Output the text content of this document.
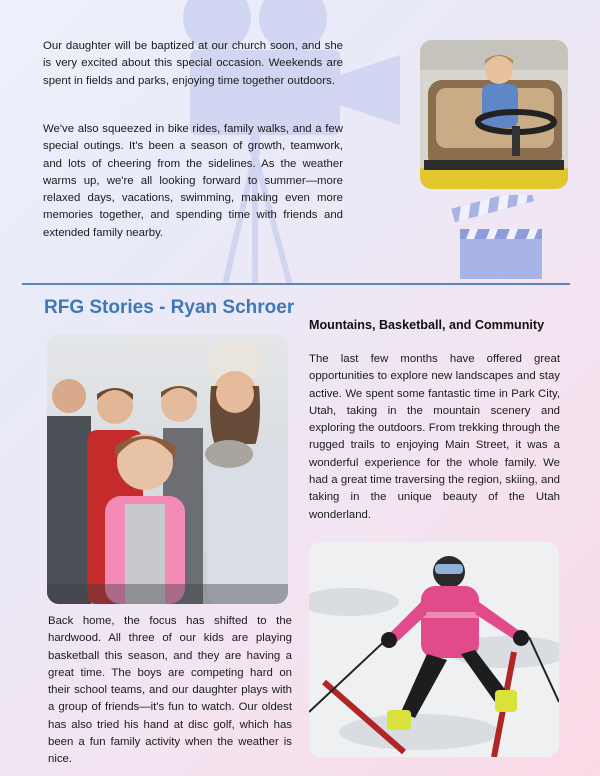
Our daughter will be baptized at our church soon, and she is very excited about this special occasion. Weekends are spent in fields and parks, enjoying time together outdoors.

We've also squeezed in bike rides, family walks, and a few special outings. It's been a season of growth, teamwork, and lots of cheering from the sidelines. As the weather warms up, we're all looking forward to summer—more relaxed days, vacations, swimming, making even more memories together, and spending time with friends and extended family nearby.

RFG Stories - Ryan Schroer
Mountains, Basketball, and Community

The last few months have offered great opportunities to explore new landscapes and stay active. We spent some fantastic time in Park City, Utah, taking in the mountain scenery and exploring the outdoors. From trekking through the rugged trails to enjoying Main Street, it was a wonderful experience for the whole family. We had a great time traversing the region, skiing, and taking in the unique beauty of the Utah wonderland.

Back home, the focus has shifted to the hardwood. All three of our kids are playing basketball this season, and they are having a great time. The boys are competing hard on their school teams, and our daughter plays with a group of friends—it's fun to watch. Our oldest has also tried his hand at disc golf, which has been a fun family activity when the weather is nice.
